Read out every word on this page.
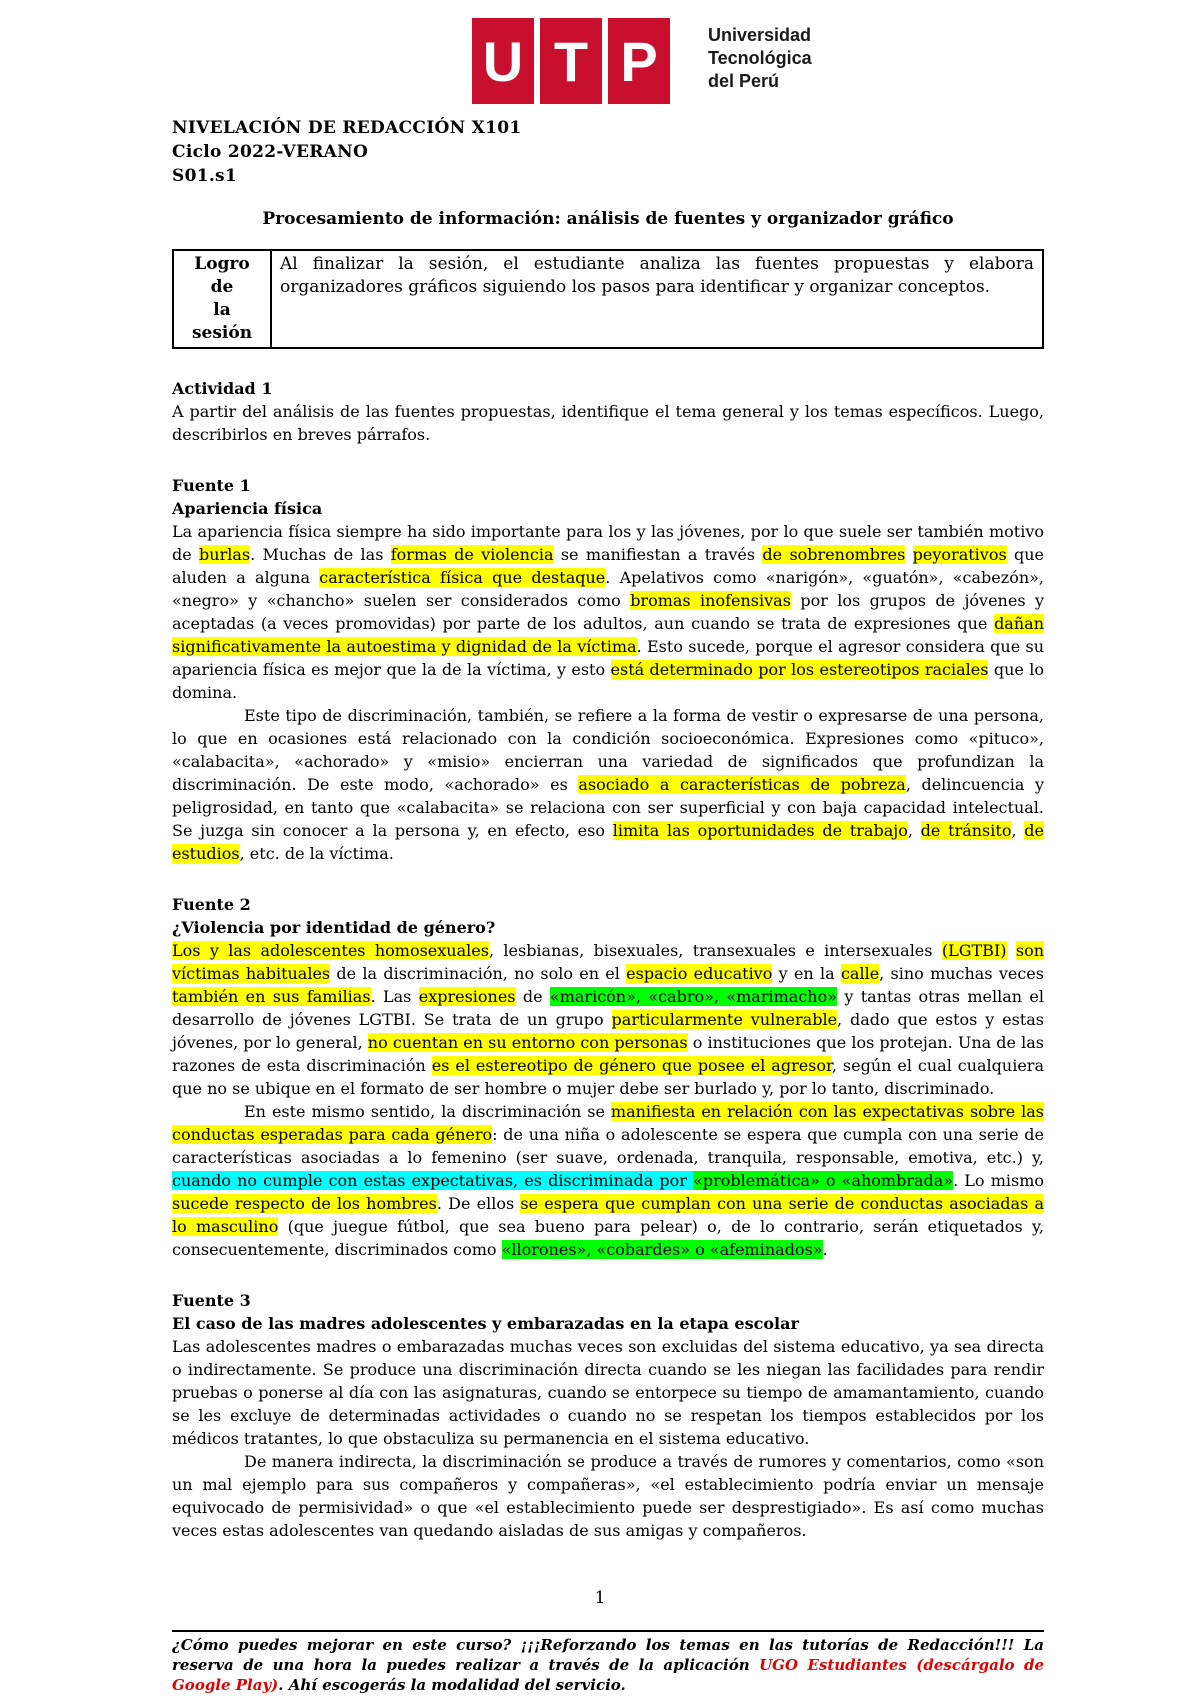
U T P	Universidad
Tecnológica
del Perú
NIVELACIÓN DE REDACCIÓN X101
Ciclo 2022-VERANO
S01.s1
Procesamiento de información: análisis de fuentes y organizador gráfico
Logro de
la sesión	Al finalizar la sesión, el estudiante analiza las fuentes propuestas y elabora organizadores gráficos siguiendo los pasos para identificar y organizar conceptos.
Actividad 1

A partir del análisis de las fuentes propuestas, identifique el tema general y los temas específicos. Luego, describirlos en breves párrafos.

Fuente 1
Apariencia física

La apariencia física siempre ha sido importante para los y las jóvenes, por lo que suele ser también motivo de burlas. Muchas de las formas de violencia se manifiestan a través de sobrenombres peyorativos que aluden a alguna característica física que destaque. Apelativos como «narigón», «guatón», «cabezón», «negro» y «chancho» suelen ser considerados como bromas inofensivas por los grupos de jóvenes y aceptadas (a veces promovidas) por parte de los adultos, aun cuando se trata de expresiones que dañan significativamente la autoestima y dignidad de la víctima. Esto sucede, porque el agresor considera que su apariencia física es mejor que la de la víctima, y esto está determinado por los estereotipos raciales que lo domina.

Este tipo de discriminación, también, se refiere a la forma de vestir o expresarse de una persona, lo que en ocasiones está relacionado con la condición socioeconómica. Expresiones como «pituco», «calabacita», «achorado» y «misio» encierran una variedad de significados que profundizan la discriminación. De este modo, «achorado» es asociado a características de pobreza, delincuencia y peligrosidad, en tanto que «calabacita» se relaciona con ser superficial y con baja capacidad intelectual. Se juzga sin conocer a la persona y, en efecto, eso limita las oportunidades de trabajo, de tránsito, de estudios, etc. de la víctima.

Fuente 2
¿Violencia por identidad de género?

Los y las adolescentes homosexuales, lesbianas, bisexuales, transexuales e intersexuales (LGTBI) son víctimas habituales de la discriminación, no solo en el espacio educativo y en la calle, sino muchas veces también en sus familias. Las expresiones de «maricón», «cabro», «marimacho» y tantas otras mellan el desarrollo de jóvenes LGTBI. Se trata de un grupo particularmente vulnerable, dado que estos y estas jóvenes, por lo general, no cuentan en su entorno con personas o instituciones que los protejan. Una de las razones de esta discriminación es el estereotipo de género que posee el agresor, según el cual cualquiera que no se ubique en el formato de ser hombre o mujer debe ser burlado y, por lo tanto, discriminado.

En este mismo sentido, la discriminación se manifiesta en relación con las expectativas sobre las conductas esperadas para cada género: de una niña o adolescente se espera que cumpla con una serie de características asociadas a lo femenino (ser suave, ordenada, tranquila, responsable, emotiva, etc.) y, cuando no cumple con estas expectativas, es discriminada por «problemática» o «ahombrada». Lo mismo sucede respecto de los hombres. De ellos se espera que cumplan con una serie de conductas asociadas a lo masculino (que juegue fútbol, que sea bueno para pelear) o, de lo contrario, serán etiquetados y, consecuentemente, discriminados como «llorones», «cobardes» o «afeminados».

Fuente 3
El caso de las madres adolescentes y embarazadas en la etapa escolar

Las adolescentes madres o embarazadas muchas veces son excluidas del sistema educativo, ya sea directa o indirectamente. Se produce una discriminación directa cuando se les niegan las facilidades para rendir pruebas o ponerse al día con las asignaturas, cuando se entorpece su tiempo de amamantamiento, cuando se les excluye de determinadas actividades o cuando no se respetan los tiempos establecidos por los médicos tratantes, lo que obstaculiza su permanencia en el sistema educativo.

De manera indirecta, la discriminación se produce a través de rumores y comentarios, como «son un mal ejemplo para sus compañeros y compañeras», «el establecimiento podría enviar un mensaje equivocado de permisividad» o que «el establecimiento puede ser desprestigiado». Es así como muchas veces estas adolescentes van quedando aisladas de sus amigas y compañeros.

1
¿Cómo puedes mejorar en este curso? ¡¡¡Reforzando los temas en las tutorías de Redacción!!! La reserva de una hora la puedes realizar a través de la aplicación UGO Estudiantes (descárgalo de Google Play). Ahí escogerás la modalidad del servicio.
